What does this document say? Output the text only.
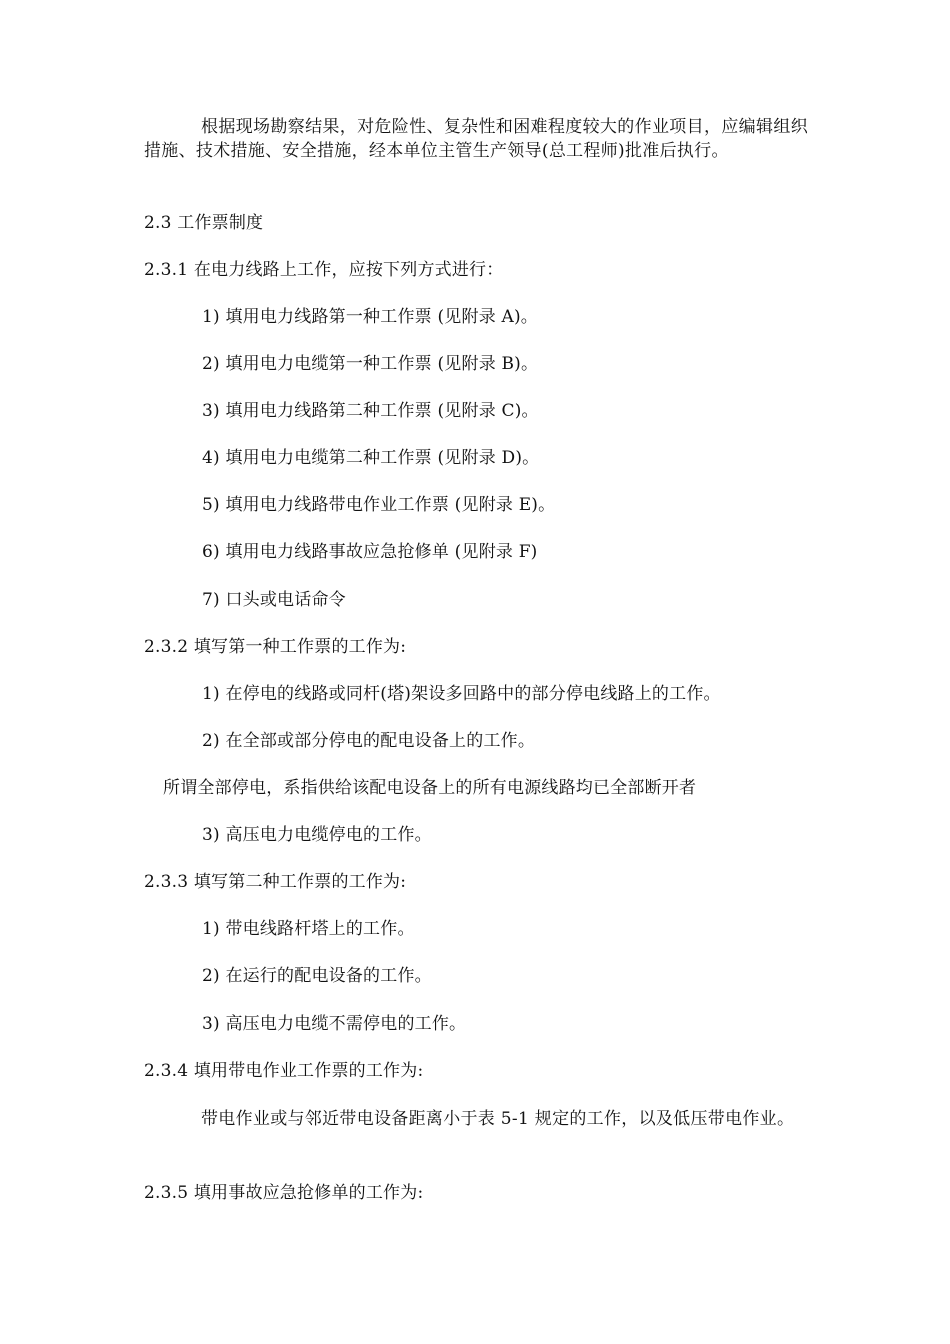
根据现场勘察结果，对危险性、复杂性和困难程度较大的作业项目，应编辑组织措施、技术措施、安全措施，经本单位主管生产领导(总工程师)批准后执行。
2.3 工作票制度
2.3.1 在电力线路上工作，应按下列方式进行：
1) 填用电力线路第一种工作票 (见附录 A)。
2) 填用电力电缆第一种工作票 (见附录 B)。
3) 填用电力线路第二种工作票 (见附录 C)。
4) 填用电力电缆第二种工作票 (见附录 D)。
5) 填用电力线路带电作业工作票 (见附录 E)。
6) 填用电力线路事故应急抢修单 (见附录 F)
7) 口头或电话命令
2.3.2 填写第一种工作票的工作为:
1) 在停电的线路或同杆(塔)架设多回路中的部分停电线路上的工作。
2) 在全部或部分停电的配电设备上的工作。
所谓全部停电，系指供给该配电设备上的所有电源线路均已全部断开者
3) 高压电力电缆停电的工作。
2.3.3 填写第二种工作票的工作为:
1) 带电线路杆塔上的工作。
2) 在运行的配电设备的工作。
3) 高压电力电缆不需停电的工作。
2.3.4 填用带电作业工作票的工作为:
带电作业或与邻近带电设备距离小于表 5-1 规定的工作，以及低压带电作业。
2.3.5 填用事故应急抢修单的工作为:
